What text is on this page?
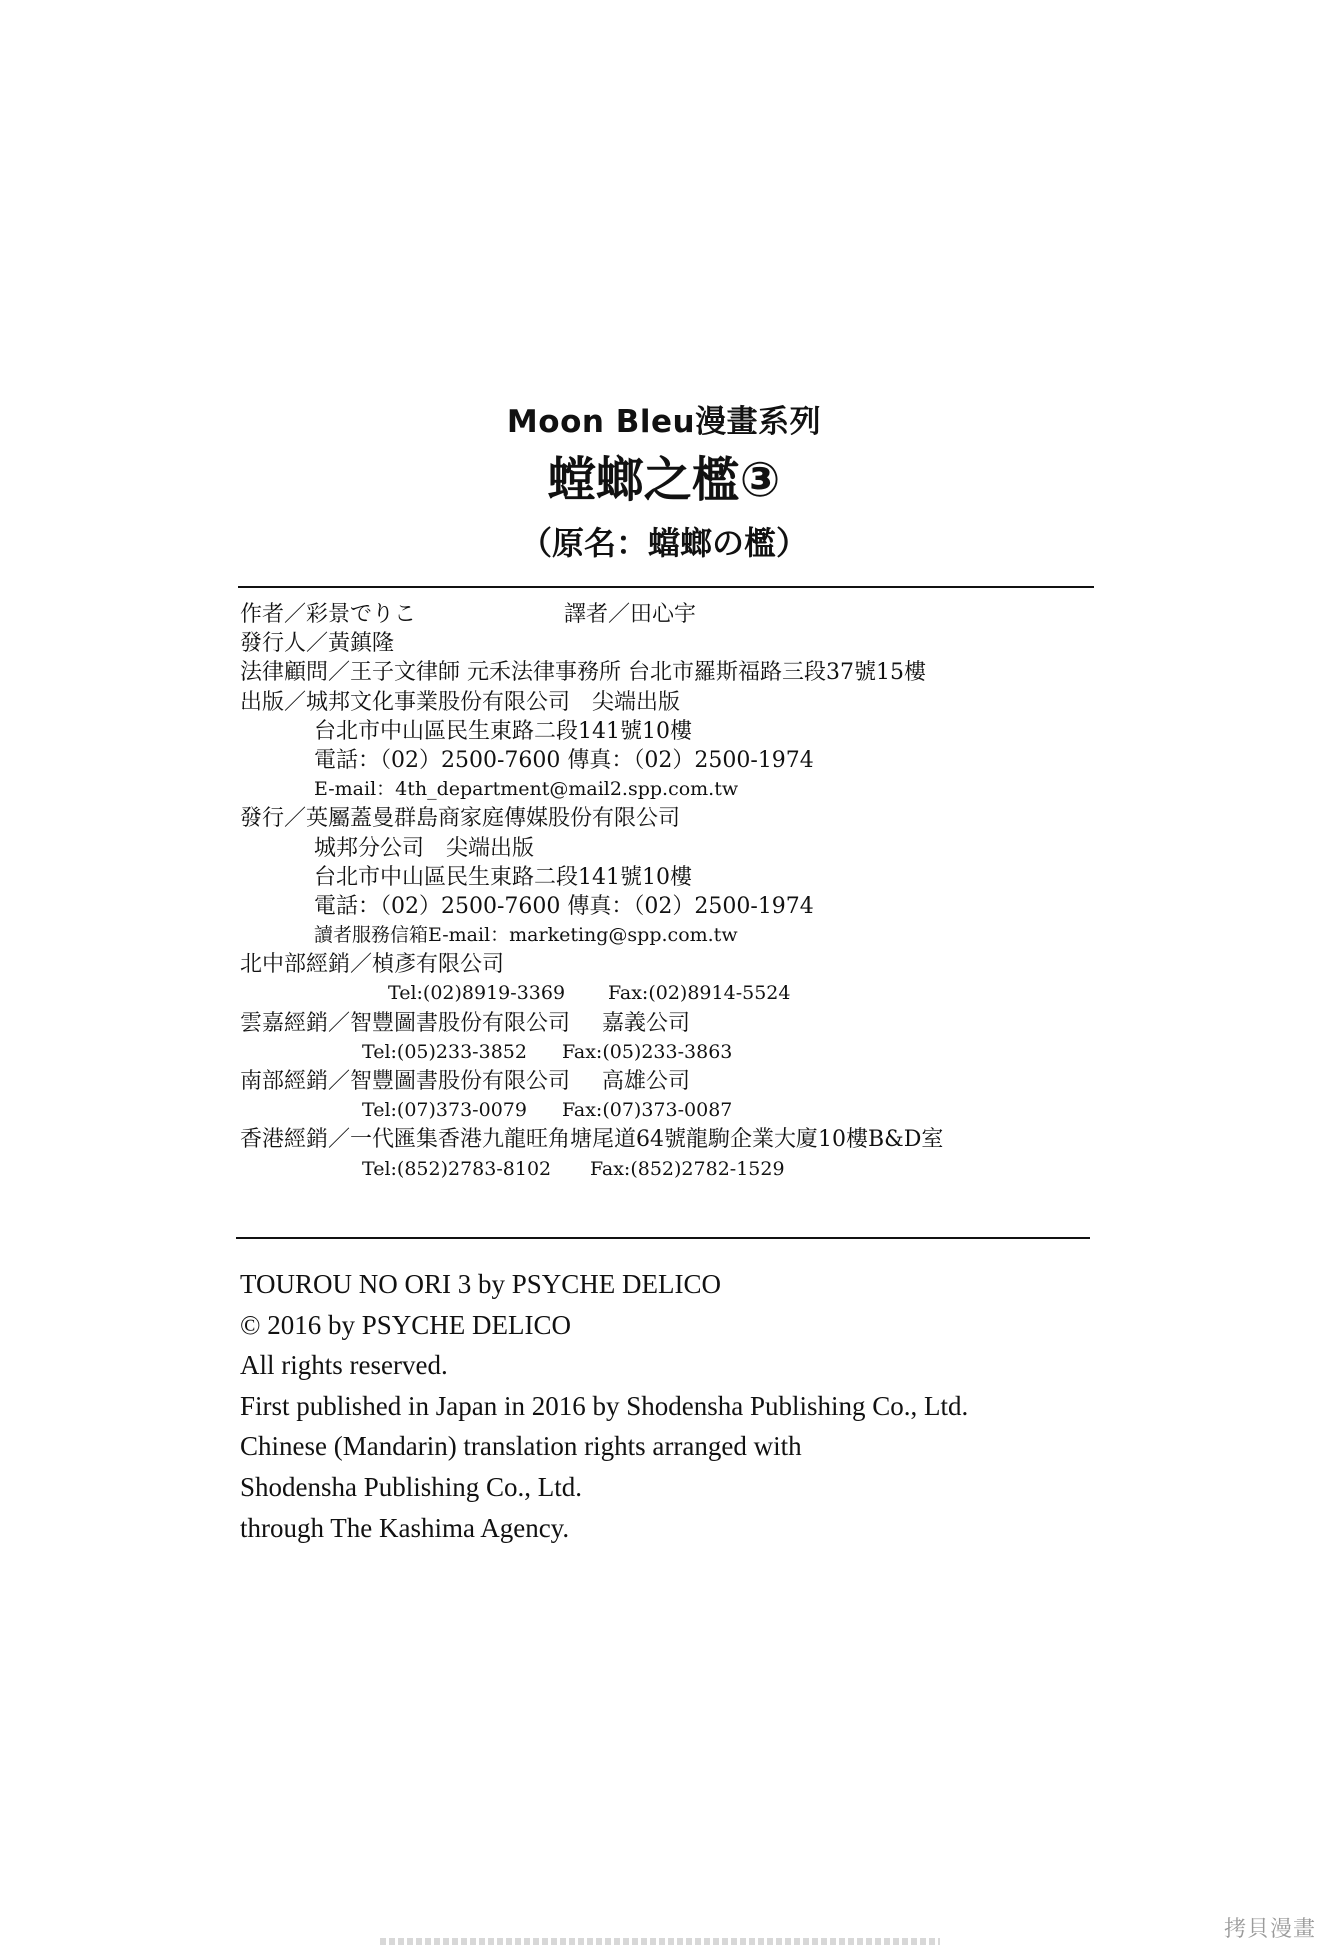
Moon Bleu漫畫系列
螳螂之檻③
（原名：蟷螂の檻）
作者／彩景でりこ	譯者／田心宇
發行人／黃鎮隆
法律顧問／王子文律師 元禾法律事務所 台北市羅斯福路三段37號15樓
出版／城邦文化事業股份有限公司　尖端出版
台北市中山區民生東路二段141號10樓
電話：（02）2500-7600 傳真：（02）2500-1974
E-mail：4th_department@mail2.spp.com.tw
發行／英屬蓋曼群島商家庭傳媒股份有限公司
城邦分公司　尖端出版
台北市中山區民生東路二段141號10樓
電話：（02）2500-7600 傳真：（02）2500-1974
讀者服務信箱E-mail：marketing@spp.com.tw
北中部經銷／楨彥有限公司
Tel:(02)8919-3369 Fax:(02)8914-5524
雲嘉經銷／智豐圖書股份有限公司 嘉義公司
Tel:(05)233-3852 Fax:(05)233-3863
南部經銷／智豐圖書股份有限公司 高雄公司
Tel:(07)373-0079 Fax:(07)373-0087
香港經銷／一代匯集香港九龍旺角塘尾道64號龍駒企業大廈10樓B&D室
Tel:(852)2783-8102 Fax:(852)2782-1529
TOUROU NO ORI 3 by PSYCHE DELICO
© 2016 by PSYCHE DELICO
All rights reserved.
First published in Japan in 2016 by Shodensha Publishing Co., Ltd.
Chinese (Mandarin) translation rights arranged with
Shodensha Publishing Co., Ltd.
through The Kashima Agency.
拷貝漫畫
